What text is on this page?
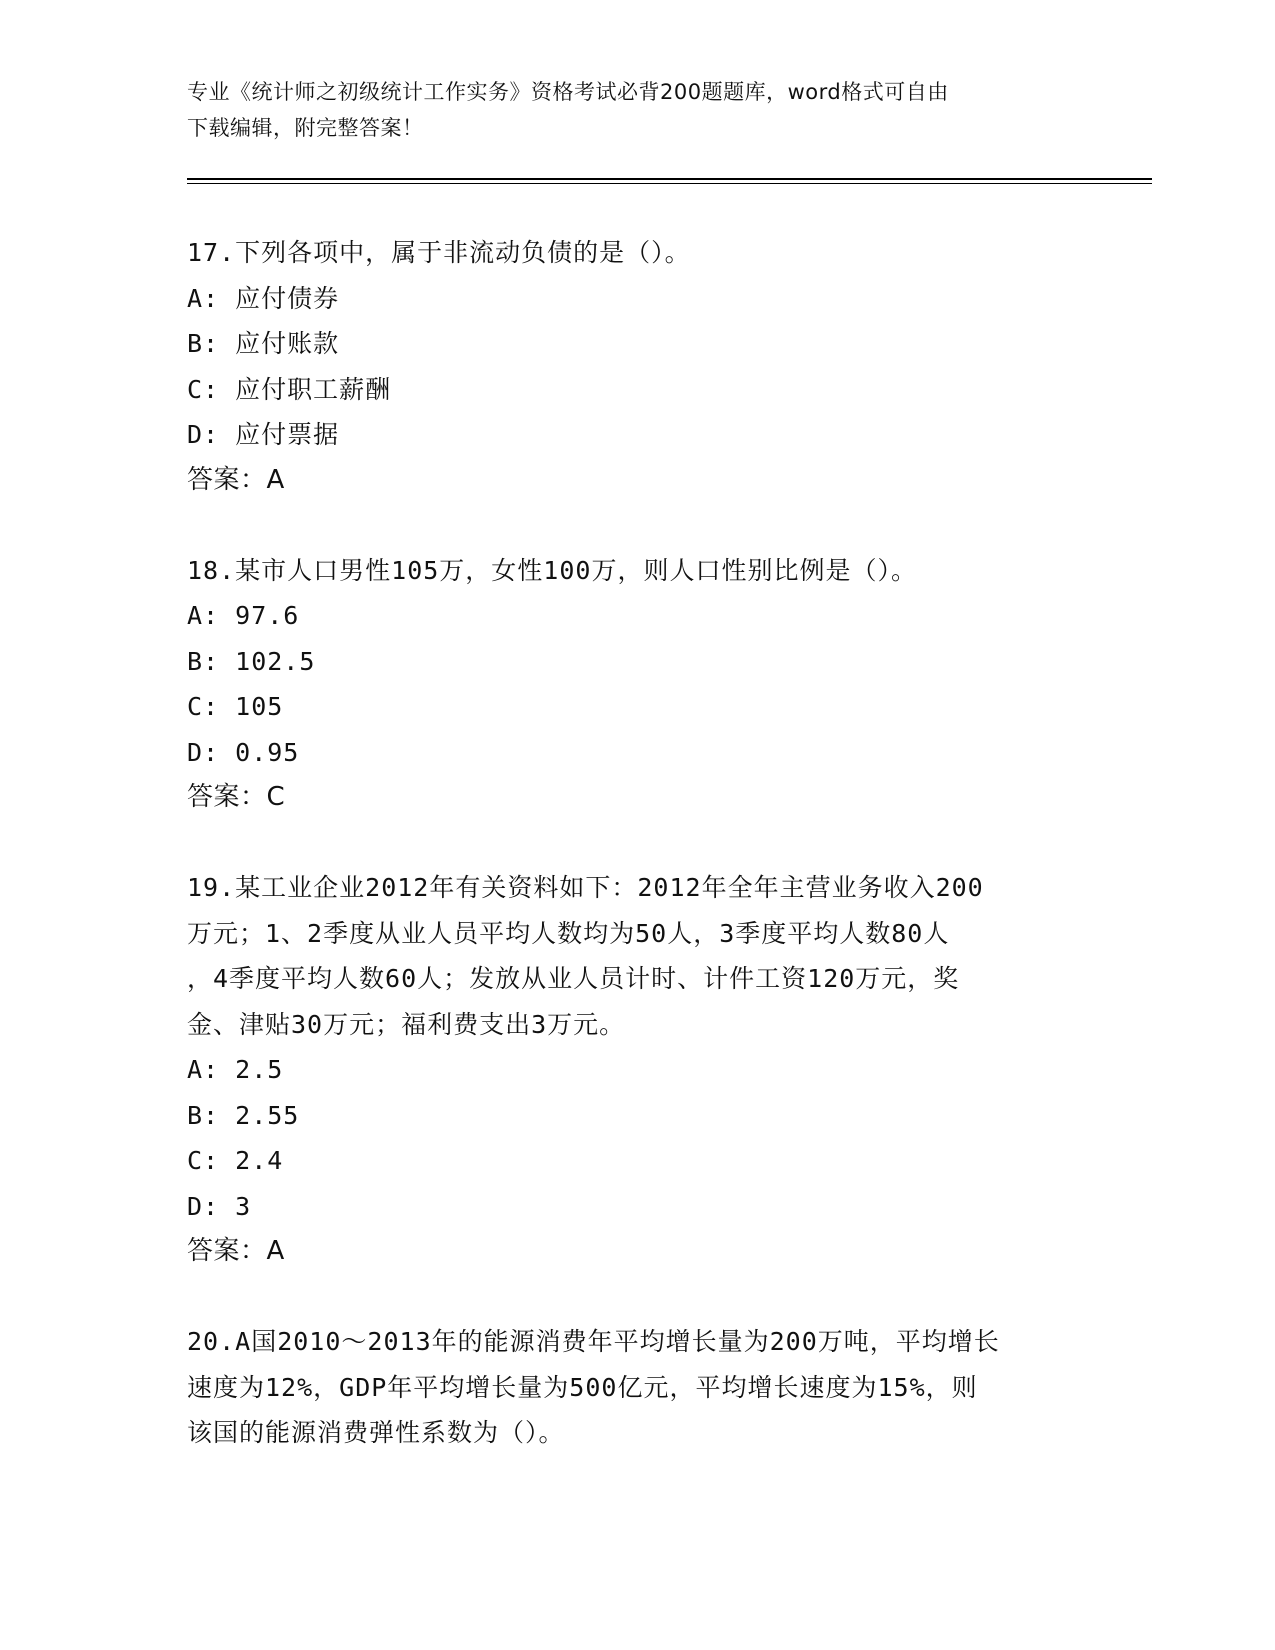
专业《统计师之初级统计工作实务》资格考试必背200题题库，word格式可自由
下载编辑，附完整答案！
17.下列各项中，属于非流动负债的是（）。
A: 应付债券
B: 应付账款
C: 应付职工薪酬
D: 应付票据
答案：A
18.某市人口男性105万，女性100万，则人口性别比例是（）。
A: 97.6
B: 102.5
C: 105
D: 0.95
答案：C
19.某工业企业2012年有关资料如下：2012年全年主营业务收入200
万元；1、2季度从业人员平均人数均为50人，3季度平均人数80人
，4季度平均人数60人；发放从业人员计时、计件工资120万元，奖
金、津贴30万元；福利费支出3万元。
A: 2.5
B: 2.55
C: 2.4
D: 3
答案：A
20.A国2010～2013年的能源消费年平均增长量为200万吨，平均增长
速度为12%，GDP年平均增长量为500亿元，平均增长速度为15%，则
该国的能源消费弹性系数为（）。
